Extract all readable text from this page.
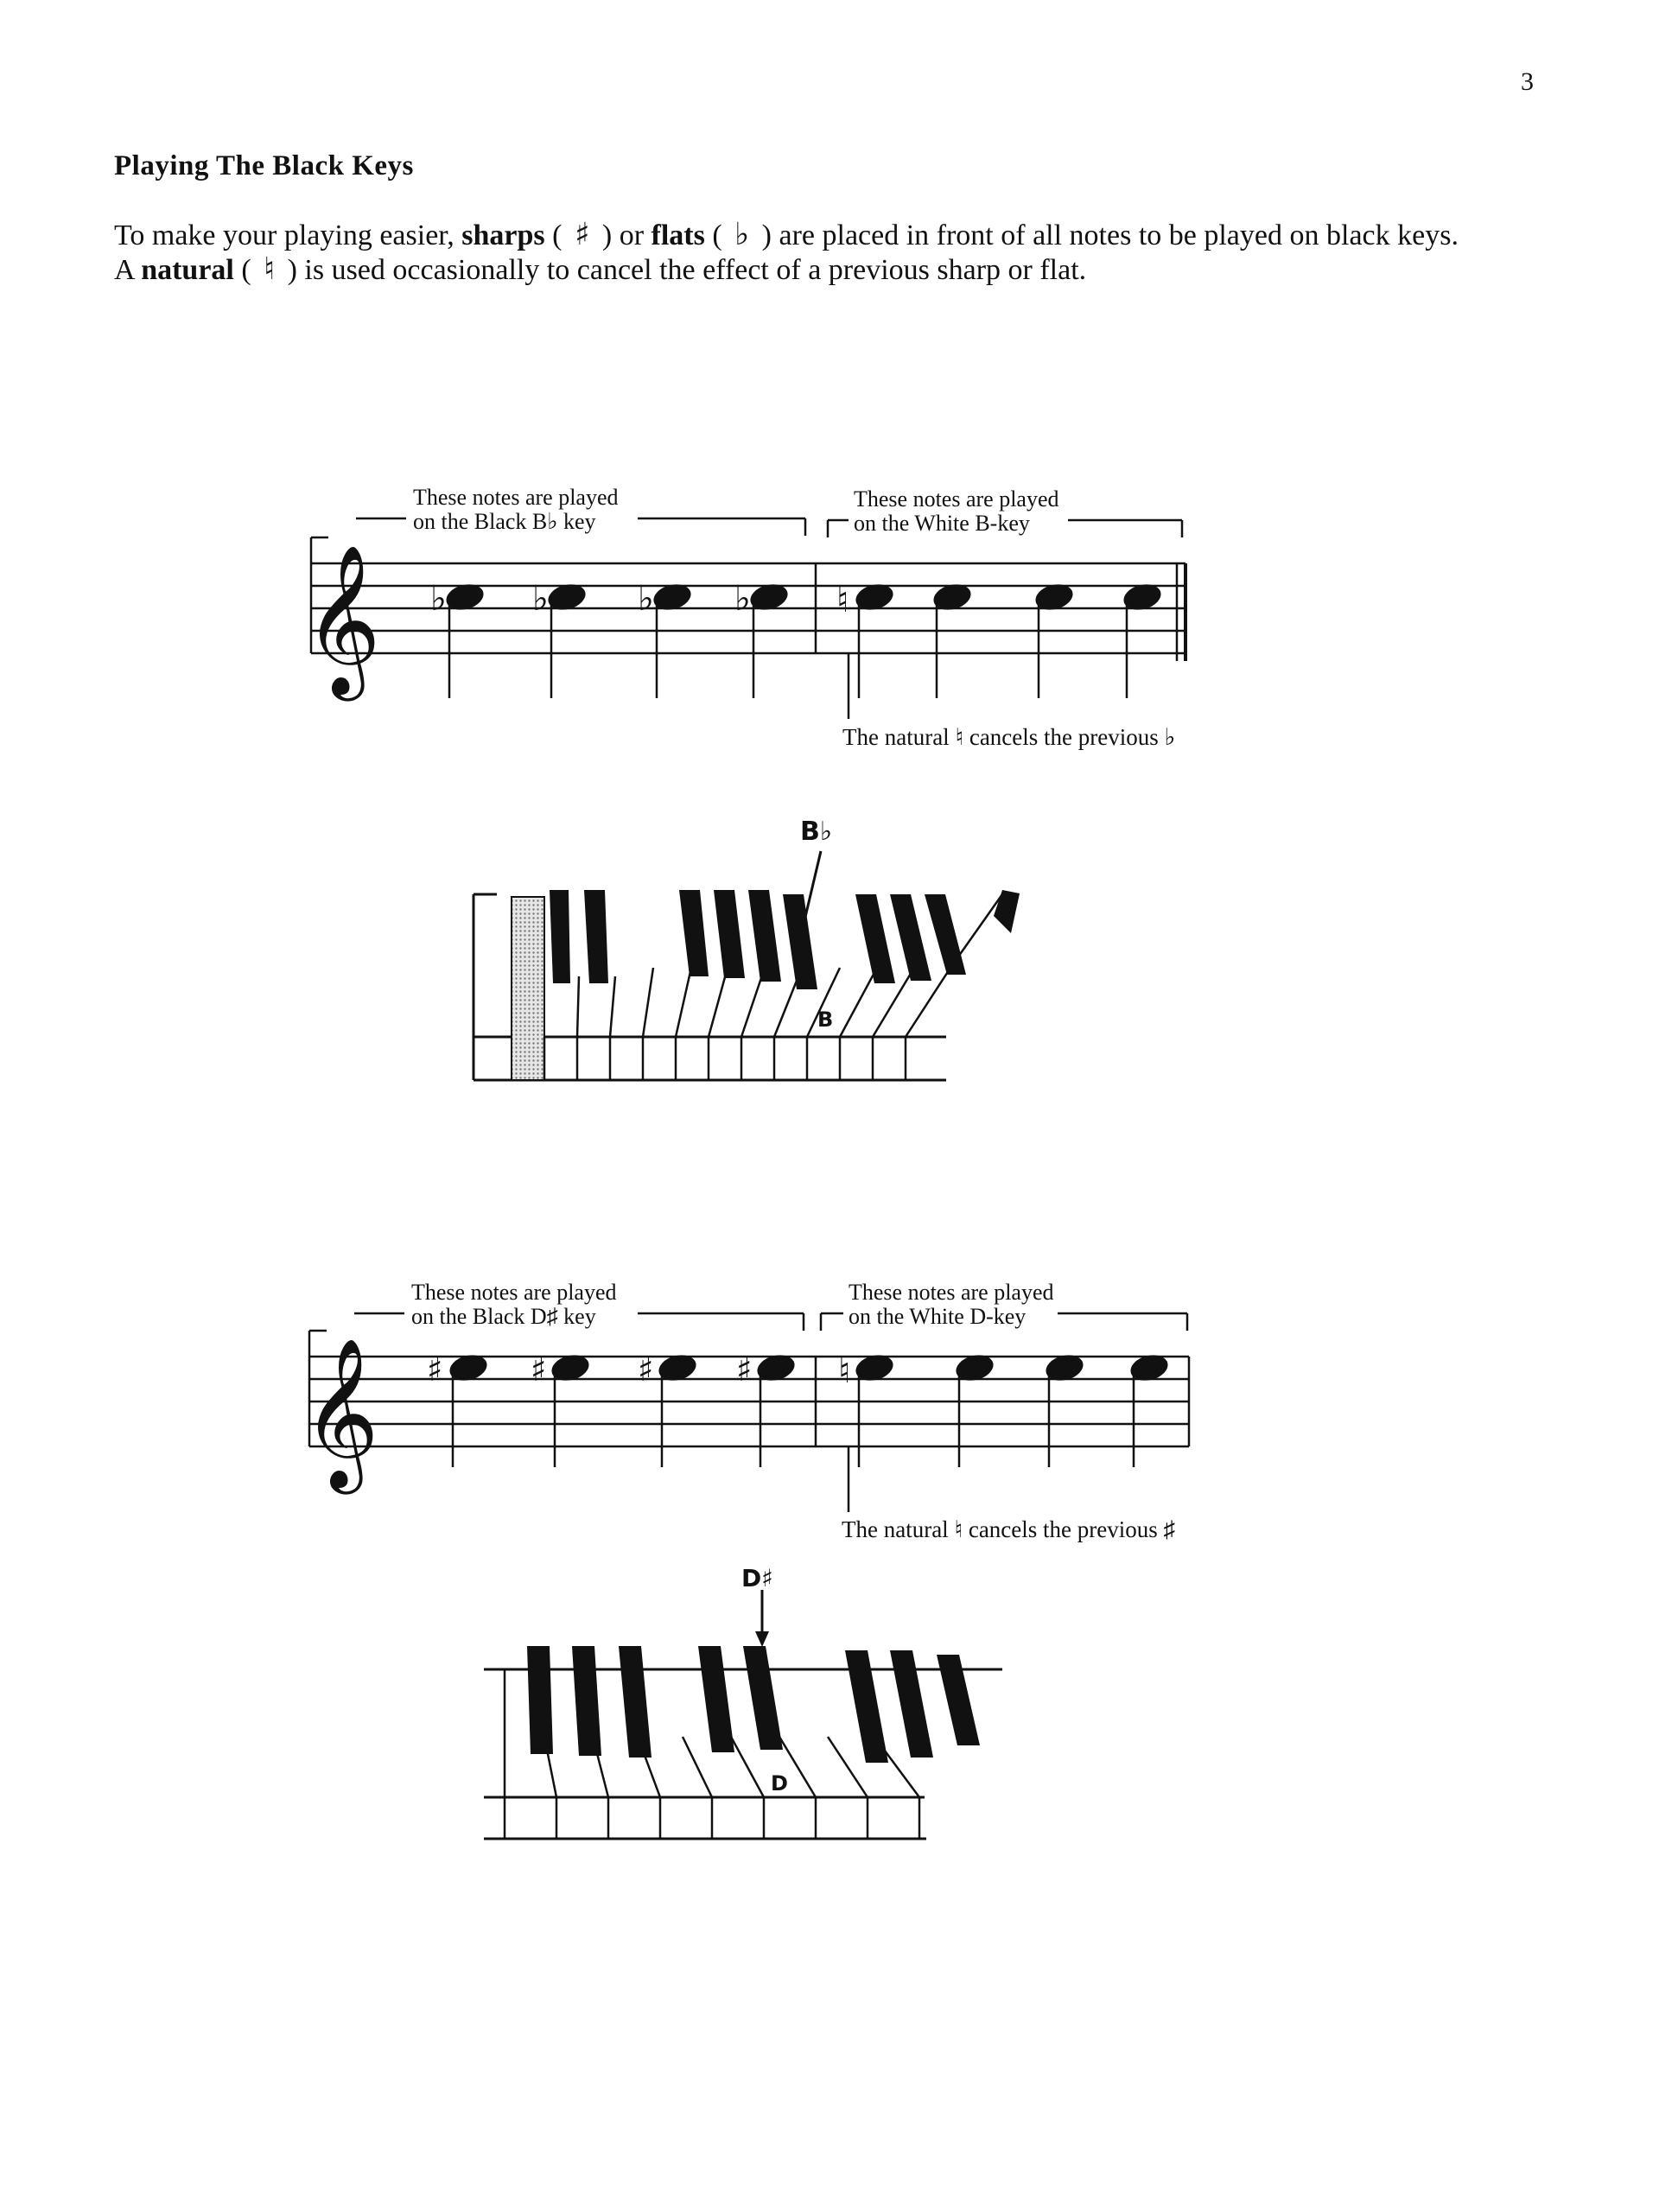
3
Playing The Black Keys
To make your playing easier, sharps ( ♯ ) or flats ( ♭ ) are placed in front of all notes to be played on black keys. A natural ( ♮ ) is used occasionally to cancel the effect of a previous sharp or flat.
𝄞
These notes are played
on the Black B♭ key
These notes are played
on the White B-key
♭ ♭	♭ ♭ ♮
The natural ♮ cancels the previous ♭
B♭
B
𝄞
These notes are played
on the Black D♯ key
These notes are played
on the White D-key
♯	♯	♯	♯ ♮
The natural ♮ cancels the previous ♯
D♯
D
